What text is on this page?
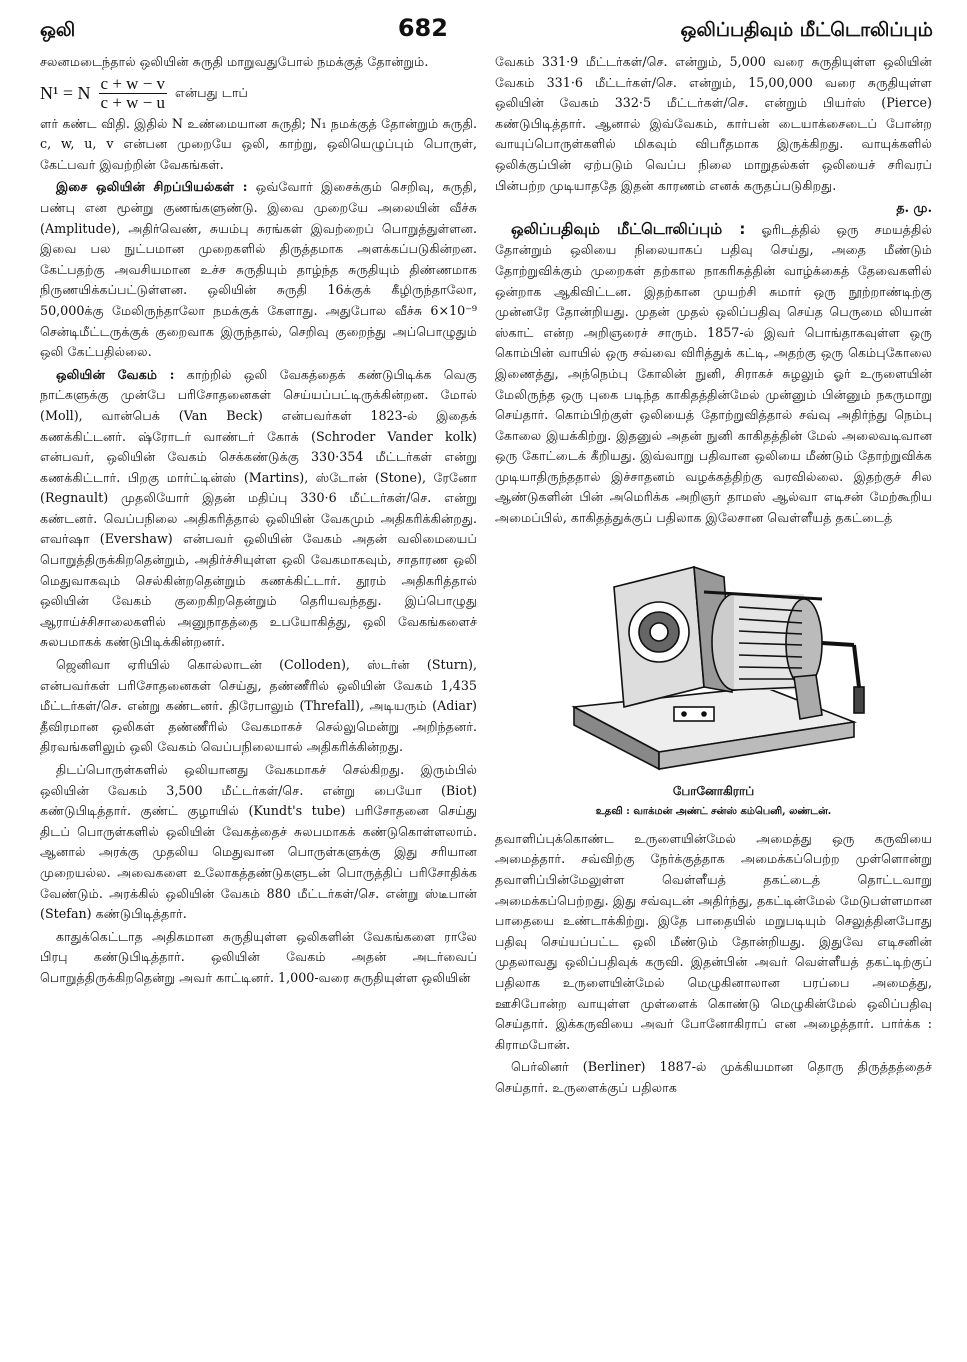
ஒலி	682	ஒலிப்பதிவும் மீட்டொலிப்பும்

சலனமடைந்தால் ஒலியின் சுருதி மாறுவதுபோல் நமக்குத் தோன்றும்.

N¹ = N $\frac{c + w - v}{c + w - u}$ என்பது டாப்

ளர் கண்ட விதி. இதில் N உண்மையான சுருதி; N₁ நமக்குத் தோன்றும் சுருதி. c, w, u, v என்பன முறையே ஒலி, காற்று, ஒலியெழுப்பும் பொருள், கேட்பவர் இவற்றின் வேகங்கள்.

இசை ஒலியின் சிறப்பியல்கள் : ஒவ்வோர் இசைக்கும் செறிவு, சுருதி, பண்பு என மூன்று குணங்களுண்டு. இவை முறையே அலையின் வீச்சு (Amplitude), அதிர்வெண், சுயம்பு சுரங்கள் இவற்றைப் பொறுத்துள்ளன. இவை பல நுட்பமான முறைகளில் திருத்தமாக அளக்கப்படுகின்றன. கேட்பதற்கு அவசியமான உச்ச சுருதியும் தாழ்ந்த சுருதியும் திண்ணமாக நிருணயிக்கப்பட்டுள்ளன. ஒலியின் சுருதி 16க்குக் கீழிருந்தாலோ, 50,000க்கு மேலிருந்தாலோ நமக்குக் கேளாது. அதுபோல வீச்சு 6×10⁻⁹ சென்டிமீட்டருக்குக் குறைவாக இருந்தால், செறிவு குறைந்து அப்பொழுதும் ஒலி கேட்பதில்லை.

ஒலியின் வேகம் : காற்றில் ஒலி வேகத்தைக் கண்டுபிடிக்க வெகு நாட்களுக்கு முன்பே பரிசோதனைகள் செய்யப்பட்டிருக்கின்றன. மோல் (Moll), வான்பெக் (Van Beck) என்பவர்கள் 1823-ல் இதைக் கணக்கிட்டனர். ஷ்ரோடர் வாண்டர் கோக் (Schroder Vander kolk) என்பவர், ஒலியின் வேகம் செக்கண்டுக்கு 330·354 மீட்டர்கள் என்று கணக்கிட்டார். பிறகு மார்ட்டின்ஸ் (Martins), ஸ்டோன் (Stone), ரேனோ (Regnault) முதலியோர் இதன் மதிப்பு 330·6 மீட்டர்கள்/செ. என்று கண்டனர். வெப்பநிலை அதிகரித்தால் ஒலியின் வேகமும் அதிகரிக்கின்றது. எவர்ஷா (Evershaw) என்பவர் ஒலியின் வேகம் அதன் வலிமையைப் பொறுத்திருக்கிறதென்றும், அதிர்ச்சியுள்ள ஒலி வேகமாகவும், சாதாரண ஒலி மெதுவாகவும் செல்கின்றதென்றும் கணக்கிட்டார். தூரம் அதிகரித்தால் ஒலியின் வேகம் குறைகிறதென்றும் தெரியவந்தது. இப்பொழுது ஆராய்ச்சிசாலைகளில் அனுநாதத்தை உபயோகித்து, ஒலி வேகங்களைச் சுலபமாகக் கண்டுபிடிக்கின்றனர்.

ஜெனிவா ஏரியில் கொல்லாடன் (Colloden), ஸ்டர்ன் (Sturn), என்பவர்கள் பரிசோதனைகள் செய்து, தண்ணீரில் ஒலியின் வேகம் 1,435 மீட்டர்கள்/செ. என்று கண்டனர். திரேபாலும் (Threfall), அடியரும் (Adiar) தீவிரமான ஒலிகள் தண்ணீரில் வேகமாகச் செல்லுமென்று அறிந்தனர். திரவங்களிலும் ஒலி வேகம் வெப்பநிலையால் அதிகரிக்கின்றது.

திடப்பொருள்களில் ஒலியானது வேகமாகச் செல்கிறது. இரும்பில் ஒலியின் வேகம் 3,500 மீட்டர்கள்/செ. என்று பையோ (Biot) கண்டுபிடித்தார். குண்ட் குழாயில் (Kundt's tube) பரிசோதனை செய்து திடப் பொருள்களில் ஒலியின் வேகத்தைச் சுலபமாகக் கண்டுகொள்ளலாம். ஆனால் அரக்கு முதலிய மெதுவான பொருள்களுக்கு இது சரியான முறையல்ல. அவைகளை உலோகத்தண்டுகளுடன் பொருத்திப் பரிசோதிக்க வேண்டும். அரக்கில் ஒலியின் வேகம் 880 மீட்டர்கள்/செ. என்று ஸ்டீபான் (Stefan) கண்டுபிடித்தார்.

காதுக்கெட்டாத அதிகமான சுருதியுள்ள ஒலிகளின் வேகங்களை ராலே பிரபு கண்டுபிடித்தார். ஒலியின் வேகம் அதன் அடர்வைப் பொறுத்திருக்கிறதென்று அவர் காட்டினர். 1,000-வரை சுருதியுள்ள ஒலியின்

வேகம் 331·9 மீட்டர்கள்/செ. என்றும், 5,000 வரை சுருதியுள்ள ஒலியின் வேகம் 331·6 மீட்டர்கள்/செ. என்றும், 15,00,000 வரை சுருதியுள்ள ஒலியின் வேகம் 332·5 மீட்டர்கள்/செ. என்றும் பியர்ஸ் (Pierce) கண்டுபிடித்தார். ஆனால் இவ்வேகம், கார்பன் டையாக்சைடைப் போன்ற வாயுப்பொருள்களில் மிகவும் விபரீதமாக இருக்கிறது. வாயுக்களில் ஒலிக்குப்பின் ஏற்படும் வெப்ப நிலை மாறுதல்கள் ஒலியைச் சரிவரப் பின்பற்ற முடியாததே இதன் காரணம் எனக் கருதப்படுகிறது.

த. மு.

ஒலிப்பதிவும் மீட்டொலிப்பும் : ஓரிடத்தில் ஒரு சமயத்தில் தோன்றும் ஒலியை நிலையாகப் பதிவு செய்து, அதை மீண்டும் தோற்றுவிக்கும் முறைகள் தற்கால நாகரிகத்தின் வாழ்க்கைத் தேவைகளில் ஒன்றாக ஆகிவிட்டன. இதற்கான முயற்சி சுமார் ஒரு நூற்றாண்டிற்கு முன்னரே தோன்றியது. முதன் முதல் ஒலிப்பதிவு செய்த பெருமை லியான் ஸ்காட் என்ற அறிஞரைச் சாரும். 1857-ல் இவர் பொங்தாகவுள்ள ஒரு கொம்பின் வாயில் ஒரு சவ்வை விரித்துக் கட்டி, அதற்கு ஒரு கெம்புகோலை இணைத்து, அந்நெம்பு கோலின் நுனி, சிராகச் சுழலும் ஓர் உருளையின் மேலிருந்த ஒரு புகை படிந்த காகிதத்தின்மேல் முன்னும் பின்னும் நகருமாறு செய்தார். கொம்பிற்குள் ஒலியைத் தோற்றுவித்தால் சவ்வு அதிர்ந்து நெம்பு கோலை இயக்கிற்று. இதனுல் அதன் நுனி காகிதத்தின் மேல் அலைவடிவான ஒரு கோட்டைக் கீறியது. இவ்வாறு பதிவான ஒலியை மீண்டும் தோற்றுவிக்க முடியாதிருந்ததால் இச்சாதனம் வழக்கத்திற்கு வரவில்லை. இதற்குச் சில ஆண்டுகளின் பின் அமெரிக்க அறிஞர் தாமஸ் ஆல்வா எடிசன் மேற்கூறிய அமைப்பில், காகிதத்துக்குப் பதிலாக இலேசான வெள்ளீயத் தகட்டைத்

போனோகிராப்
உதவி : வாக்மன் அண்ட் சன்ஸ் கம்பெனி, லண்டன்.

தவாளிப்புக்கொண்ட உருளையின்மேல் அமைத்து ஒரு கருவியை அமைத்தார். சவ்விற்கு நேர்க்குத்தாக அமைக்கப்பெற்ற முள்ளொன்று தவாளிப்பின்மேலுள்ள வெள்ளீயத் தகட்டைத் தொட்டவாறு அமைக்கப்பெற்றது. இது சவ்வுடன் அதிர்ந்து, தகட்டின்மேல் மேடுபள்ளமான பாதையை உண்டாக்கிற்று. இதே பாதையில் மறுபடியும் செலுத்தினபோது பதிவு செய்யப்பட்ட ஒலி மீண்டும் தோன்றியது. இதுவே எடிசனின் முதலாவது ஒலிப்பதிவுக் கருவி. இதன்பின் அவர் வெள்ளீயத் தகட்டிற்குப் பதிலாக உருளையின்மேல் மெழுகினாலான பரப்பை அமைத்து, ஊசிபோன்ற வாயுள்ள முள்ளைக் கொண்டு மெழுகின்மேல் ஒலிப்பதிவு செய்தார். இக்கருவியை அவர் போனோகிராப் என அழைத்தார். பார்க்க : கிராமபோன்.

பெர்லினர் (Berliner) 1887-ல் முக்கியமான தொரு திருத்தத்தைச் செய்தார். உருளைக்குப் பதிலாக
